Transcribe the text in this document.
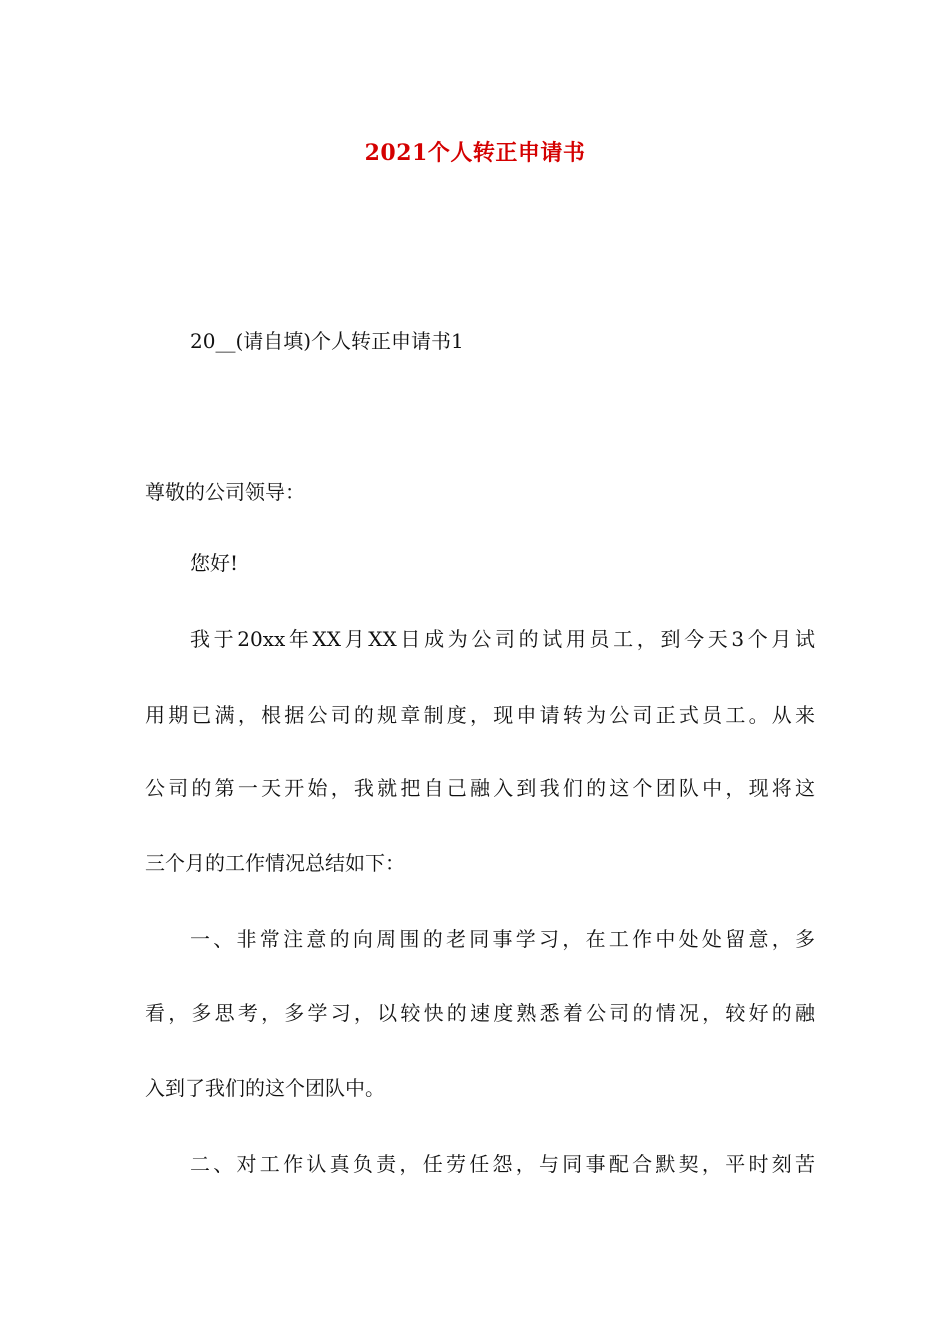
2021个人转正申请书
20__(请自填)个人转正申请书1
尊敬的公司领导：
您好!
我于20xx年XX月XX日成为公司的试用员工，到今天3个月试
用期已满，根据公司的规章制度，现申请转为公司正式员工。从来
公司的第一天开始，我就把自己融入到我们的这个团队中，现将这
三个月的工作情况总结如下：
一、非常注意的向周围的老同事学习，在工作中处处留意，多
看，多思考，多学习，以较快的速度熟悉着公司的情况，较好的融
入到了我们的这个团队中。
二、对工作认真负责，任劳任怨，与同事配合默契，平时刻苦
